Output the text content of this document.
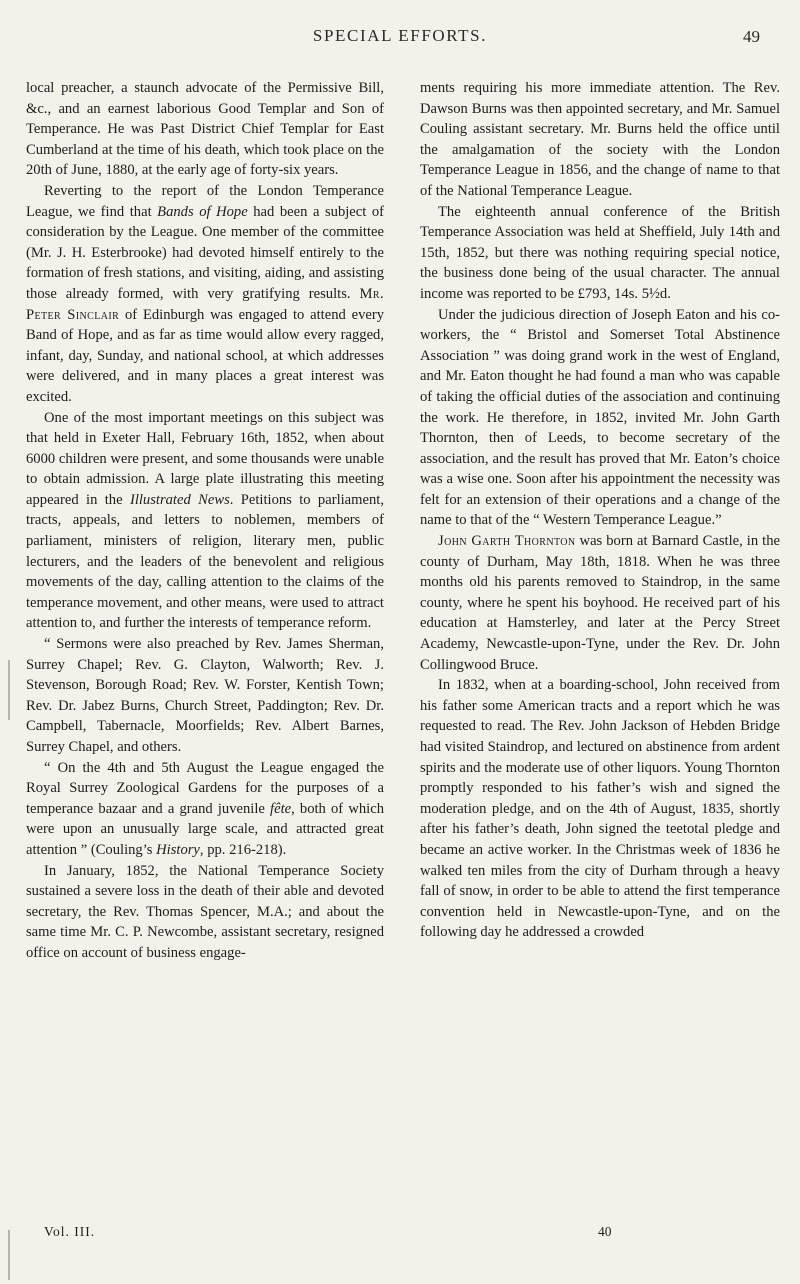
SPECIAL EFFORTS.	49

local preacher, a staunch advocate of the Permissive Bill, &c., and an earnest laborious Good Templar and Son of Temperance. He was Past District Chief Templar for East Cumberland at the time of his death, which took place on the 20th of June, 1880, at the early age of forty-six years.

Reverting to the report of the London Temperance League, we find that Bands of Hope had been a subject of consideration by the League. One member of the committee (Mr. J. H. Esterbrooke) had devoted himself entirely to the formation of fresh stations, and visiting, aiding, and assisting those already formed, with very gratifying results. Mr. Peter Sinclair of Edinburgh was engaged to attend every Band of Hope, and as far as time would allow every ragged, infant, day, Sunday, and national school, at which addresses were delivered, and in many places a great interest was excited.

One of the most important meetings on this subject was that held in Exeter Hall, February 16th, 1852, when about 6000 children were present, and some thousands were unable to obtain admission. A large plate illustrating this meeting appeared in the Illustrated News. Petitions to parliament, tracts, appeals, and letters to noblemen, members of parliament, ministers of religion, literary men, public lecturers, and the leaders of the benevolent and religious movements of the day, calling attention to the claims of the temperance movement, and other means, were used to attract attention to, and further the interests of temperance reform.

“ Sermons were also preached by Rev. James Sherman, Surrey Chapel; Rev. G. Clayton, Walworth; Rev. J. Stevenson, Borough Road; Rev. W. Forster, Kentish Town; Rev. Dr. Jabez Burns, Church Street, Paddington; Rev. Dr. Campbell, Tabernacle, Moorfields; Rev. Albert Barnes, Surrey Chapel, and others.

“ On the 4th and 5th August the League engaged the Royal Surrey Zoological Gardens for the purposes of a temperance bazaar and a grand juvenile fête, both of which were upon an unusually large scale, and attracted great attention ” (Couling’s History, pp. 216-218).

In January, 1852, the National Temperance Society sustained a severe loss in the death of their able and devoted secretary, the Rev. Thomas Spencer, M.A.; and about the same time Mr. C. P. Newcombe, assistant secretary, resigned office on account of business engage-

ments requiring his more immediate attention. The Rev. Dawson Burns was then appointed secretary, and Mr. Samuel Couling assistant secretary. Mr. Burns held the office until the amalgamation of the society with the London Temperance League in 1856, and the change of name to that of the National Temperance League.

The eighteenth annual conference of the British Temperance Association was held at Sheffield, July 14th and 15th, 1852, but there was nothing requiring special notice, the business done being of the usual character. The annual income was reported to be £793, 14s. 5½d.

Under the judicious direction of Joseph Eaton and his co-workers, the “ Bristol and Somerset Total Abstinence Association ” was doing grand work in the west of England, and Mr. Eaton thought he had found a man who was capable of taking the official duties of the association and continuing the work. He therefore, in 1852, invited Mr. John Garth Thornton, then of Leeds, to become secretary of the association, and the result has proved that Mr. Eaton’s choice was a wise one. Soon after his appointment the necessity was felt for an extension of their operations and a change of the name to that of the “ Western Temperance League.”

John Garth Thornton was born at Barnard Castle, in the county of Durham, May 18th, 1818. When he was three months old his parents removed to Staindrop, in the same county, where he spent his boyhood. He received part of his education at Hamsterley, and later at the Percy Street Academy, Newcastle-upon-Tyne, under the Rev. Dr. John Collingwood Bruce.

In 1832, when at a boarding-school, John received from his father some American tracts and a report which he was requested to read. The Rev. John Jackson of Hebden Bridge had visited Staindrop, and lectured on abstinence from ardent spirits and the moderate use of other liquors. Young Thornton promptly responded to his father’s wish and signed the moderation pledge, and on the 4th of August, 1835, shortly after his father’s death, John signed the teetotal pledge and became an active worker. In the Christmas week of 1836 he walked ten miles from the city of Durham through a heavy fall of snow, in order to be able to attend the first temperance convention held in Newcastle-upon-Tyne, and on the following day he addressed a crowded

Vol. III.	40
